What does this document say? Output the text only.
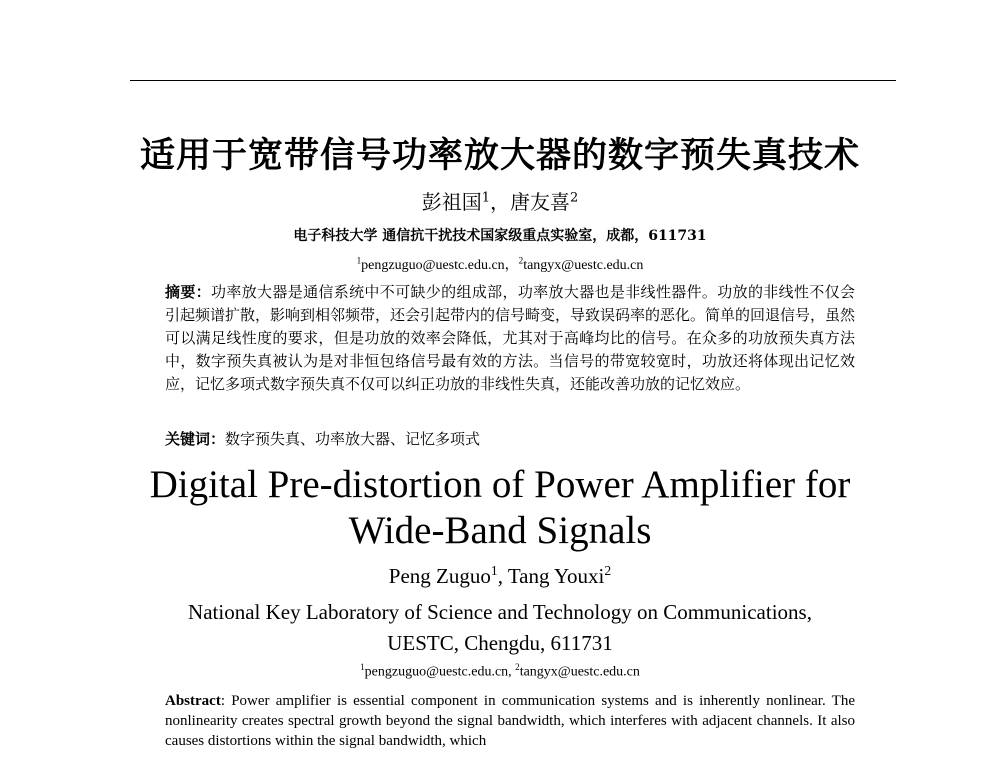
适用于宽带信号功率放大器的数字预失真技术
彭祖国$^1$，唐友喜$^2$
电子科技大学 通信抗干扰技术国家级重点实验室，成都，611731
$^1$pengzuguo@uestc.edu.cn，$^2$tangyx@uestc.edu.cn
摘要：功率放大器是通信系统中不可缺少的组成部，功率放大器也是非线性器件。功放的非线性不仅会引起频谱扩散，影响到相邻频带，还会引起带内的信号畸变，导致误码率的恶化。简单的回退信号，虽然可以满足线性度的要求，但是功放的效率会降低，尤其对于高峰均比的信号。在众多的功放预失真方法中，数字预失真被认为是对非恒包络信号最有效的方法。当信号的带宽较宽时，功放还将体现出记忆效应，记忆多项式数字预失真不仅可以纠正功放的非线性失真，还能改善功放的记忆效应。
关键词：数字预失真、功率放大器、记忆多项式
Digital Pre-distortion of Power Amplifier for
Wide-Band Signals
Peng Zuguo$^1$, Tang Youxi$^2$
National Key Laboratory of Science and Technology on Communications,
UESTC, Chengdu, 611731
$^1$pengzuguo@uestc.edu.cn, $^2$tangyx@uestc.edu.cn
Abstract: Power amplifier is essential component in communication systems and is inherently nonlinear. The nonlinearity creates spectral growth beyond the signal bandwidth, which interferes with adjacent channels. It also causes distortions within the signal bandwidth, which
